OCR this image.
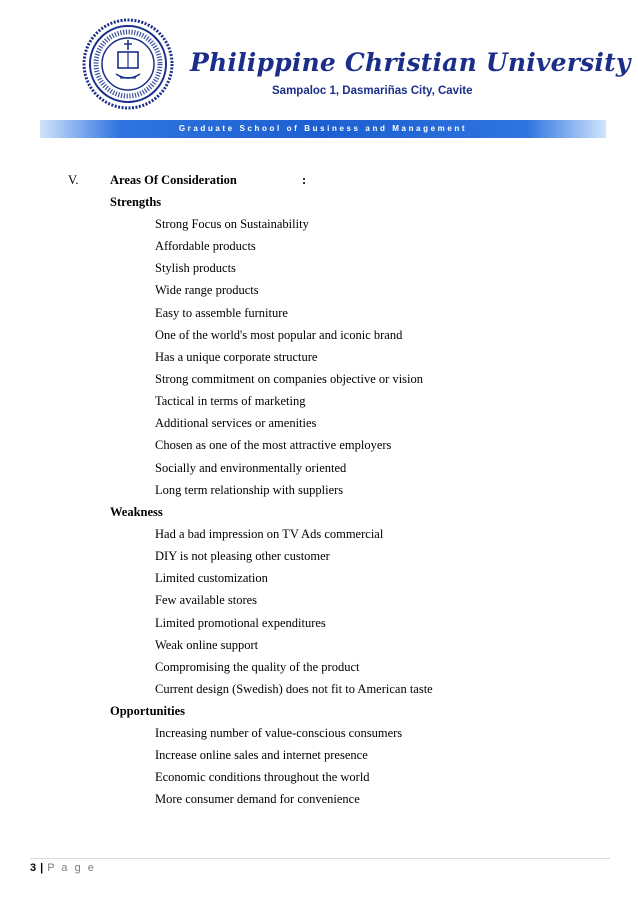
Philippine Christian University
Sampaloc 1, Dasmariñas City, Cavite
Graduate School of Business and Management
V.	Areas Of Consideration	:

Strengths

Strong Focus on Sustainability
Affordable products
Stylish products
Wide range products
Easy to assemble furniture
One of the world's most popular and iconic brand
Has a unique corporate structure
Strong commitment on companies objective or vision
Tactical in terms of marketing
Additional services or amenities
Chosen as one of the most attractive employers
Socially and environmentally oriented
Long term relationship with suppliers

Weakness

Had a bad impression on TV Ads commercial
DIY is not pleasing other customer
Limited customization
Few available stores
Limited promotional expenditures
Weak online support
Compromising the quality of the product
Current design (Swedish) does not fit to American taste

Opportunities

Increasing number of value-conscious consumers
Increase online sales and internet presence
Economic conditions throughout the world
More consumer demand for convenience
3 | P a g e
